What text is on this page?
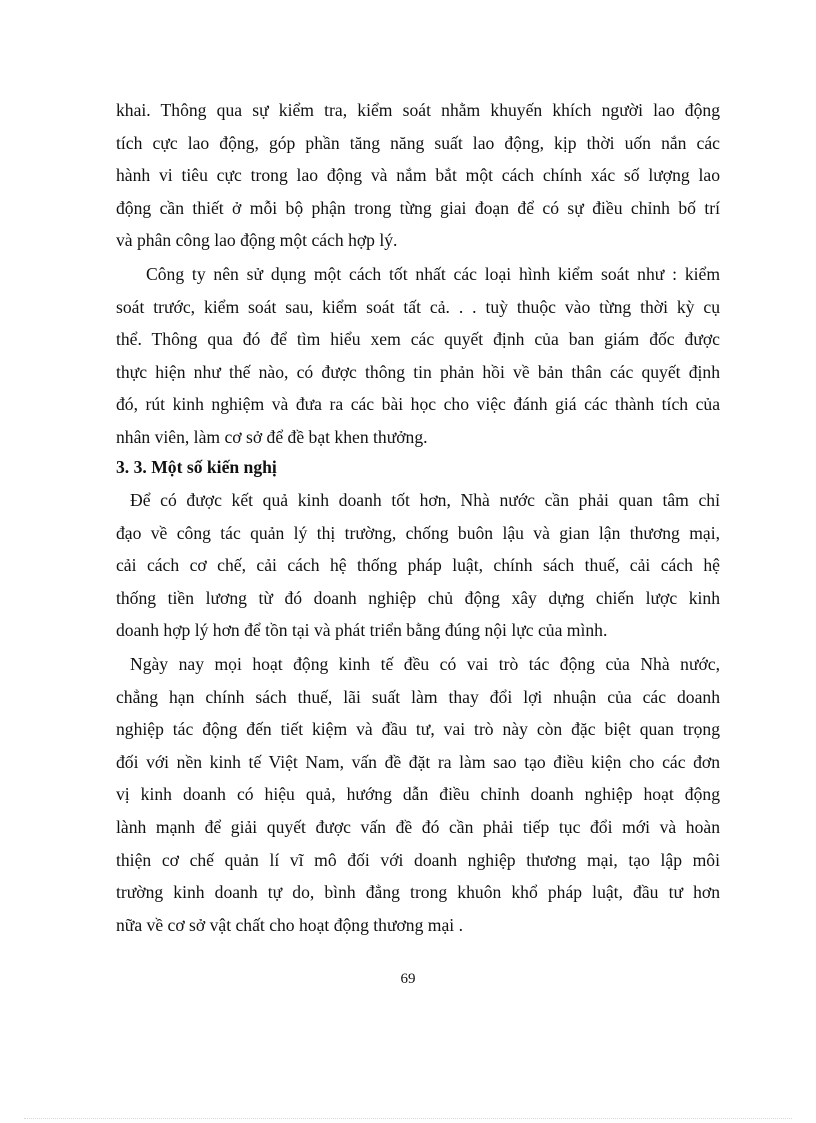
khai. Thông qua sự kiểm tra, kiểm soát nhằm khuyến khích người lao động
tích cực lao động, góp phần tăng năng suất lao động, kịp thời uốn nắn các
hành vi tiêu cực trong lao động và nắm bắt một cách chính xác số lượng lao
động cần thiết ở mỗi bộ phận trong từng giai đoạn để có sự điều chỉnh bố trí
và phân công lao động một cách hợp lý.
Công ty nên sử dụng một cách tốt nhất các loại hình kiểm soát như : kiểm
soát trước, kiểm soát sau, kiểm soát tất cả. . . tuỳ thuộc vào từng thời kỳ cụ
thể. Thông qua đó để tìm hiểu xem các quyết định của ban giám đốc được
thực hiện như thế nào, có được thông tin phản hồi về bản thân các quyết định
đó, rút kinh nghiệm và đưa ra các bài học cho việc đánh giá các thành tích của
nhân viên, làm cơ sở để đề bạt khen thưởng.
3. 3. Một số kiến nghị
Để có được kết quả kinh doanh tốt hơn, Nhà nước cần phải quan tâm chỉ
đạo về công tác quản lý thị trường, chống buôn lậu và gian lận thương mại,
cải cách cơ chế, cải cách hệ thống pháp luật, chính sách thuế, cải cách hệ
thống tiền lương từ đó doanh nghiệp chủ động xây dựng chiến lược kinh
doanh hợp lý hơn để tồn tại và phát triển bằng đúng nội lực của mình.
Ngày nay mọi hoạt động kinh tế đều có vai trò tác động của Nhà nước,
chẳng hạn chính sách thuế, lãi suất làm thay đổi lợi nhuận của các doanh
nghiệp tác động đến tiết kiệm và đầu tư, vai trò này còn đặc biệt quan trọng
đối với nền kinh tế Việt Nam, vấn đề đặt ra làm sao tạo điều kiện cho các đơn
vị kinh doanh có hiệu quả, hướng dẫn điều chỉnh doanh nghiệp hoạt động
lành mạnh để giải quyết được vấn đề đó cần phải tiếp tục đổi mới và hoàn
thiện cơ chế quản lí vĩ mô đối với doanh nghiệp thương mại, tạo lập môi
trường kinh doanh tự do, bình đẳng trong khuôn khổ pháp luật, đầu tư hơn
nữa về cơ sở vật chất cho hoạt động thương mại .
69
